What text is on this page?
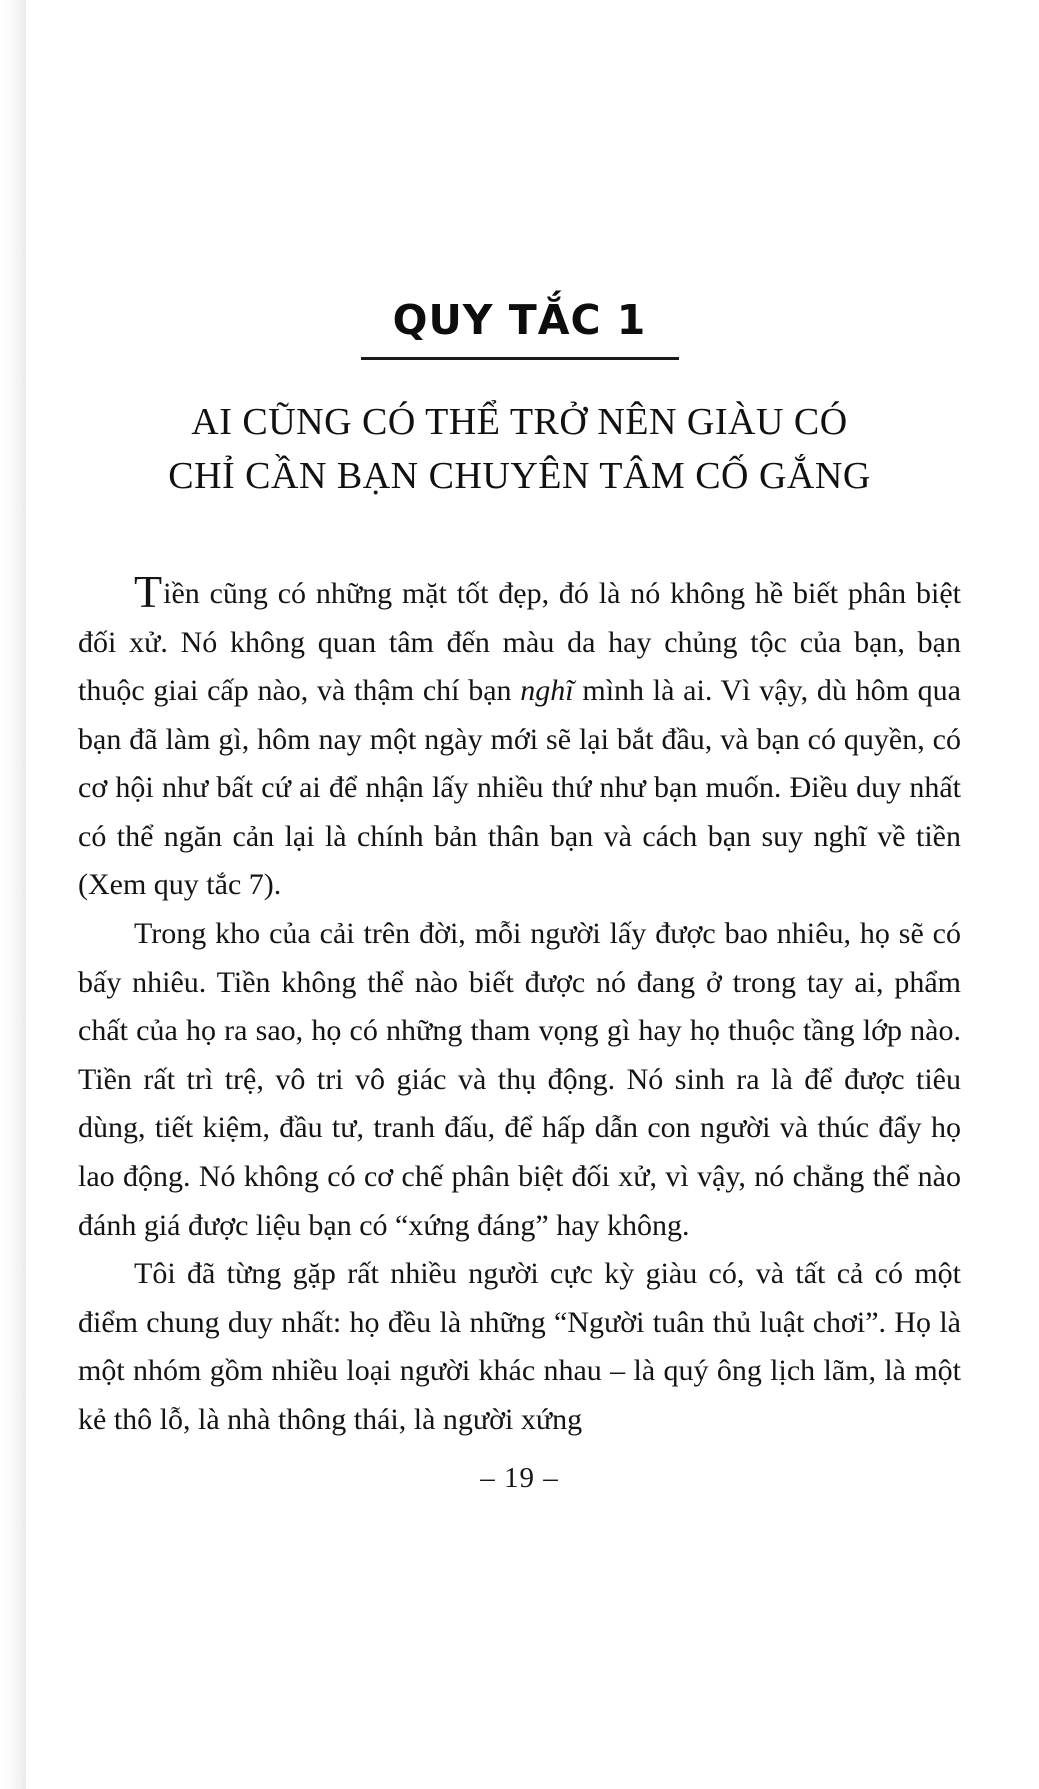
QUY TẮC 1
AI CŨNG CÓ THỂ TRỞ NÊN GIÀU CÓ
CHỈ CẦN BẠN CHUYÊN TÂM CỐ GẮNG

Tiền cũng có những mặt tốt đẹp, đó là nó không hề biết phân biệt đối xử. Nó không quan tâm đến màu da hay chủng tộc của bạn, bạn thuộc giai cấp nào, và thậm chí bạn nghĩ mình là ai. Vì vậy, dù hôm qua bạn đã làm gì, hôm nay một ngày mới sẽ lại bắt đầu, và bạn có quyền, có cơ hội như bất cứ ai để nhận lấy nhiều thứ như bạn muốn. Điều duy nhất có thể ngăn cản lại là chính bản thân bạn và cách bạn suy nghĩ về tiền (Xem quy tắc 7).

Trong kho của cải trên đời, mỗi người lấy được bao nhiêu, họ sẽ có bấy nhiêu. Tiền không thể nào biết được nó đang ở trong tay ai, phẩm chất của họ ra sao, họ có những tham vọng gì hay họ thuộc tầng lớp nào. Tiền rất trì trệ, vô tri vô giác và thụ động. Nó sinh ra là để được tiêu dùng, tiết kiệm, đầu tư, tranh đấu, để hấp dẫn con người và thúc đẩy họ lao động. Nó không có cơ chế phân biệt đối xử, vì vậy, nó chẳng thể nào đánh giá được liệu bạn có “xứng đáng” hay không.

Tôi đã từng gặp rất nhiều người cực kỳ giàu có, và tất cả có một điểm chung duy nhất: họ đều là những “Người tuân thủ luật chơi”. Họ là một nhóm gồm nhiều loại người khác nhau – là quý ông lịch lãm, là một kẻ thô lỗ, là nhà thông thái, là người xứng

– 19 –
